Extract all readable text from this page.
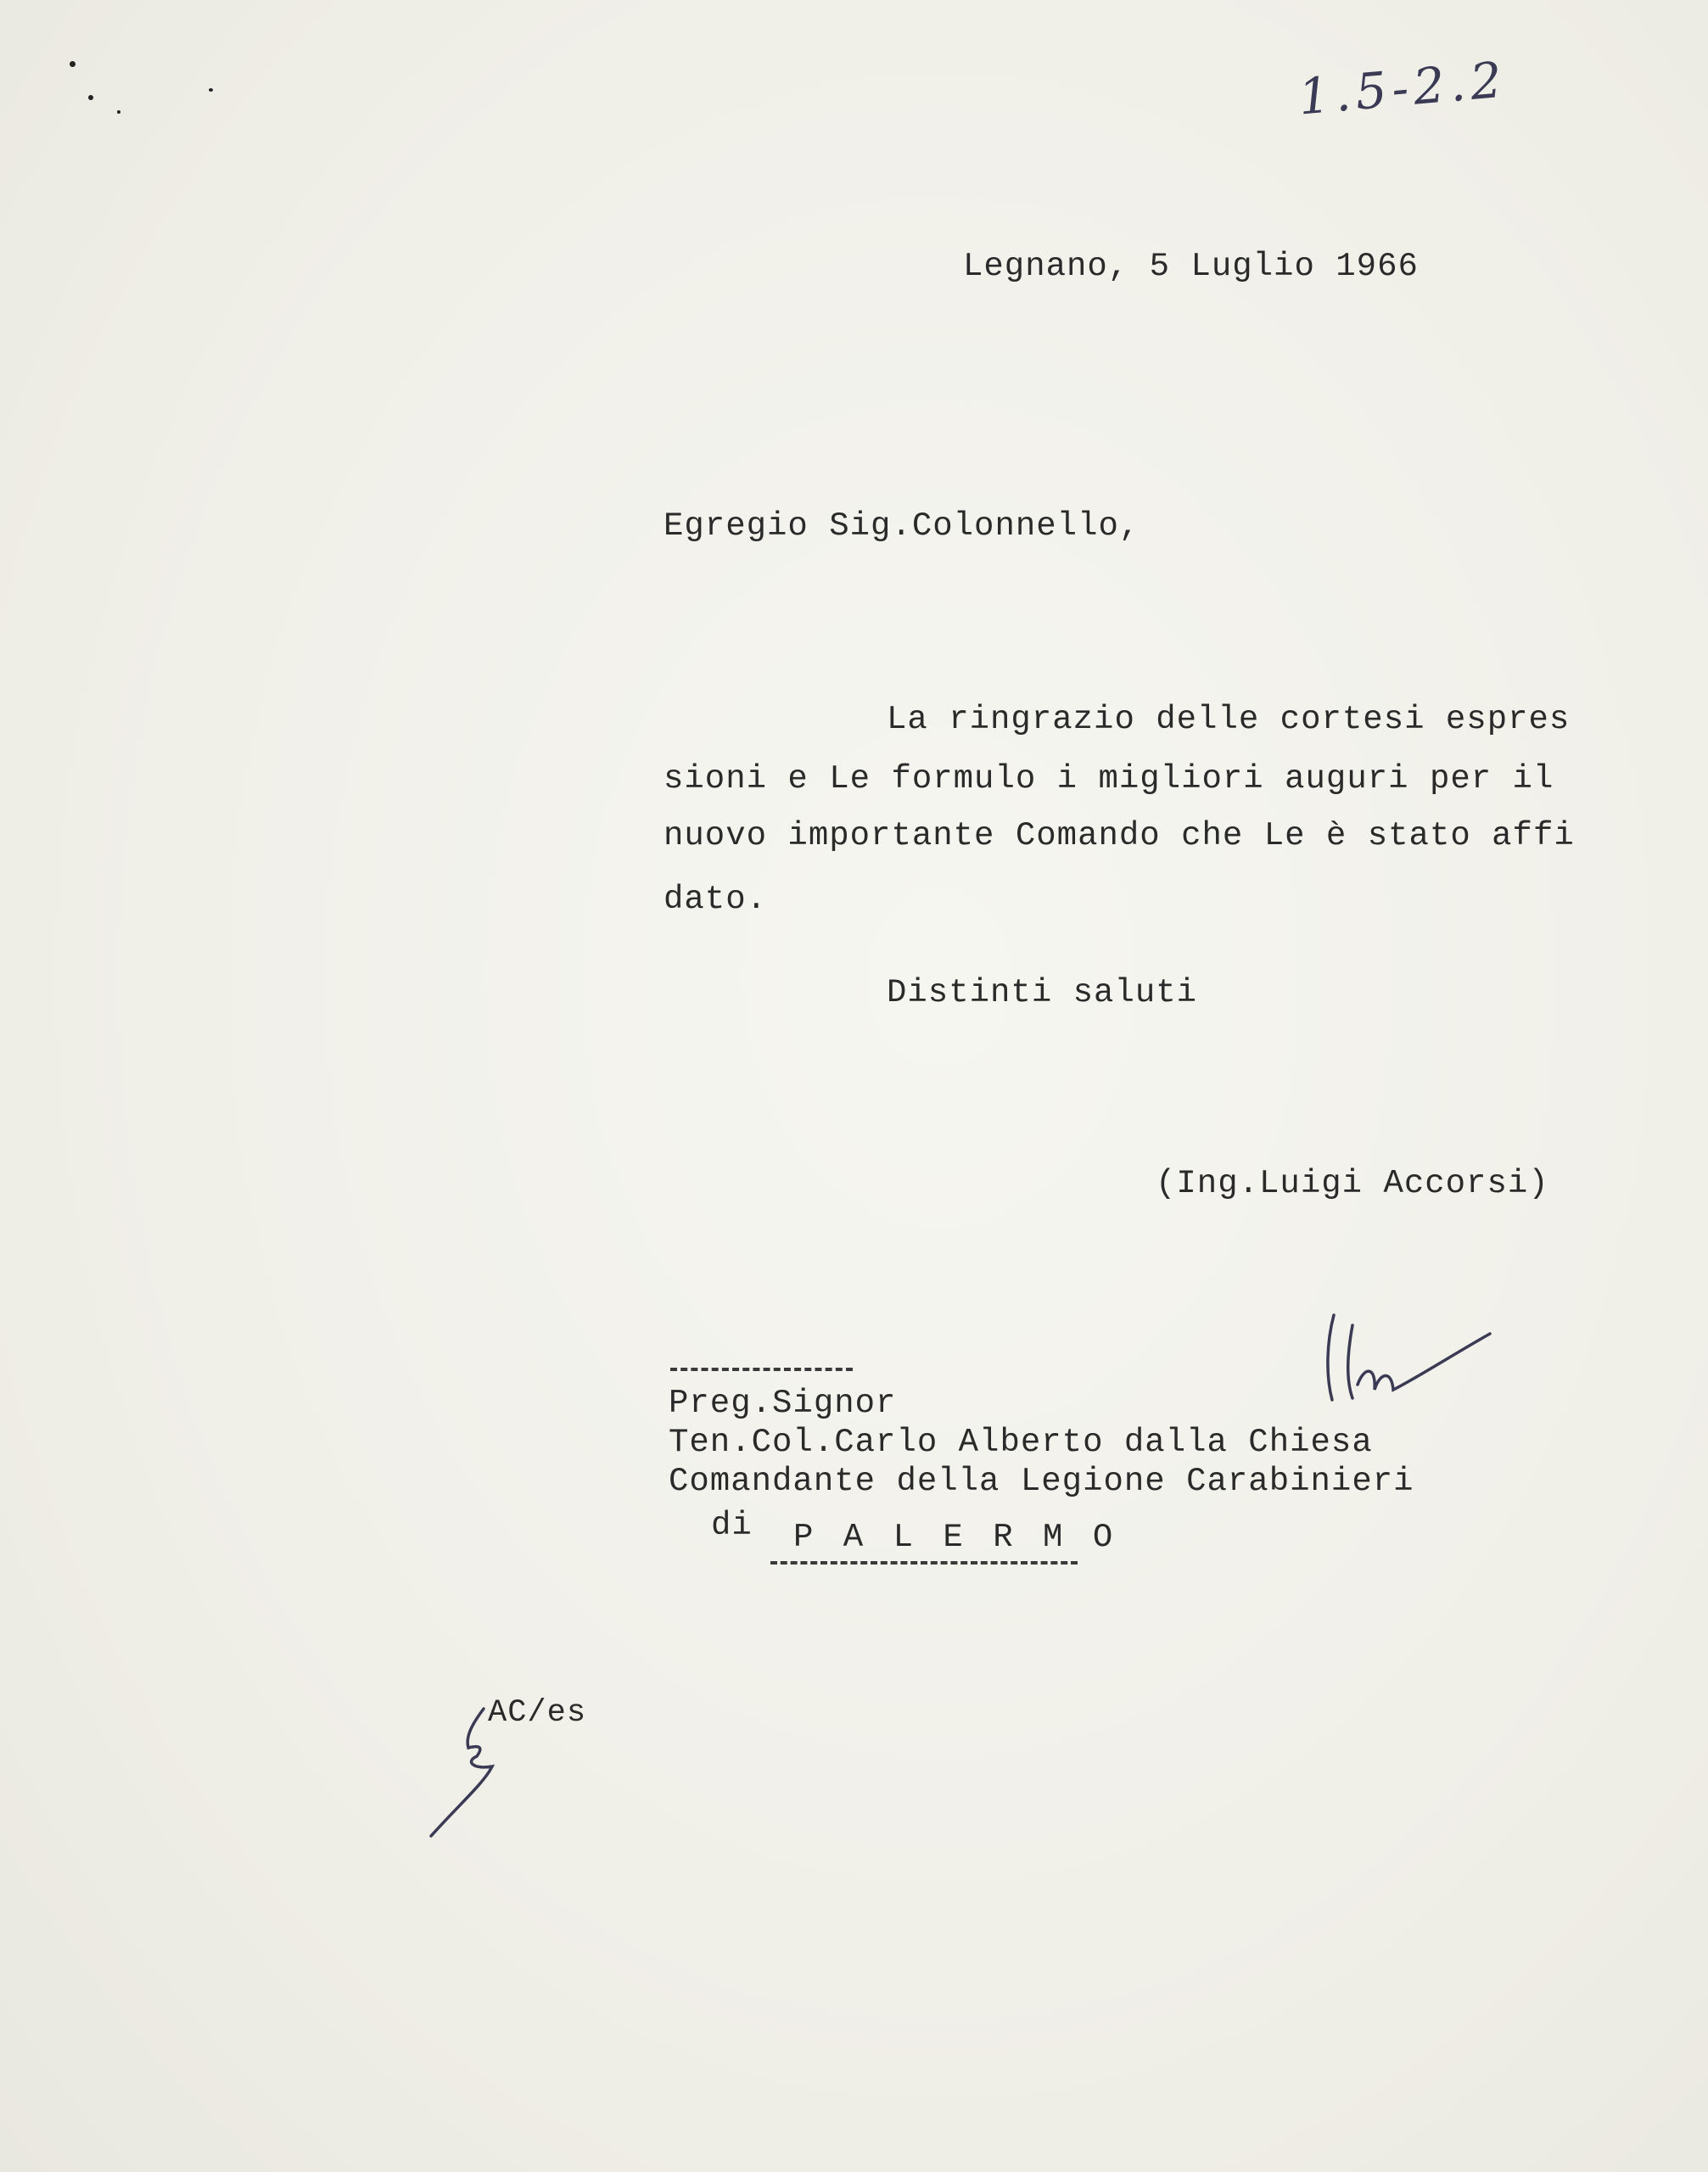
1.5-2.2
Legnano, 5 Luglio 1966
Egregio Sig.Colonnello,
La ringrazio delle cortesi espres
sioni e Le formulo i migliori auguri per il
nuovo importante Comando che Le è stato affi
dato.
Distinti saluti
(Ing.Luigi Accorsi)
Preg.Signor
Ten.Col.Carlo Alberto dalla Chiesa
Comandante della Legione Carabinieri
di P A L E R M O
AC/es
